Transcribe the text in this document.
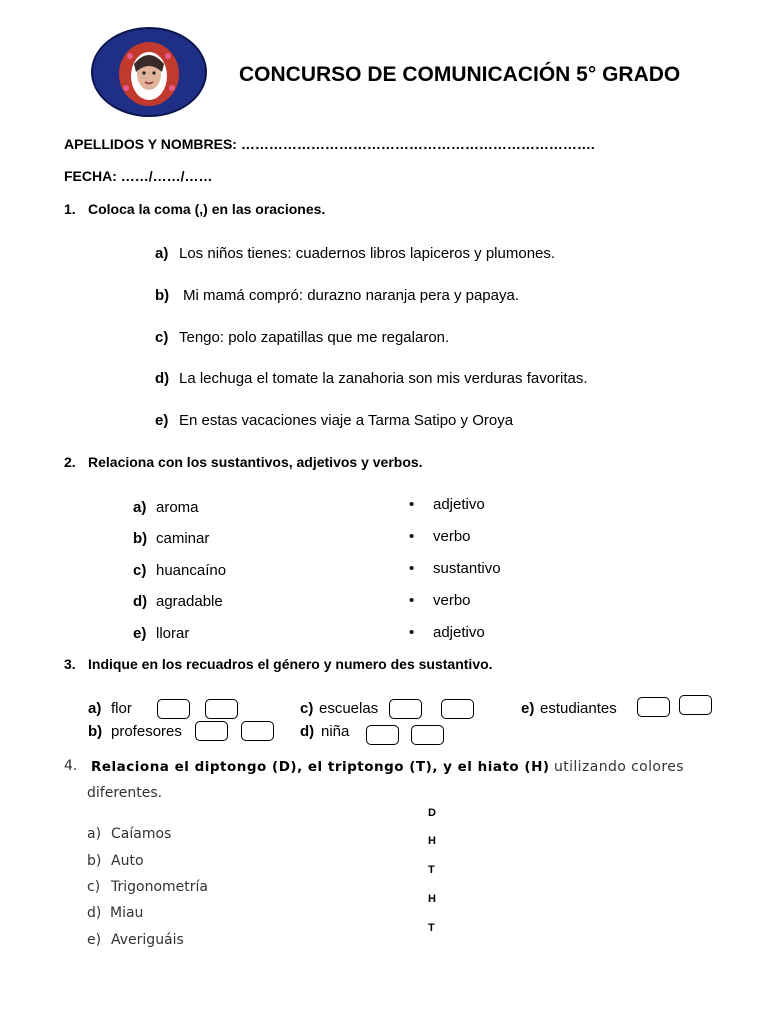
ROSA DE SANTA MARÍA
CONCURSO DE COMUNICACIÓN 5° GRADO
APELLIDOS Y NOMBRES: ………………………………………………………………….
FECHA: ……/……/……
1. Coloca la coma (,) en las oraciones.
a) Los niños tienes: cuadernos libros lapiceros y plumones.
b) Mi mamá compró: durazno naranja pera y papaya.
c) Tengo: polo zapatillas que me regalaron.
d) La lechuga el tomate la zanahoria son mis verduras favoritas.
e) En estas vacaciones viaje a Tarma Satipo y Oroya
2. Relaciona con los sustantivos, adjetivos y verbos.
a) aroma
b) caminar
c) huancaíno
d) agradable
e) llorar
• adjetivo
• verbo
• sustantivo
• verbo
• adjetivo
3. Indique en los recuadros el género y numero des sustantivo.
a) flor
b) profesores
c) escuelas
d) niña
e) estudiantes
4. Relaciona el diptongo (D), el triptongo (T), y el hiato (H) utilizando colores
diferentes.
a) Caíamos
b) Auto
c) Trigonometría
d) Miau
e) Averiguáis
D
H
T
H
T
